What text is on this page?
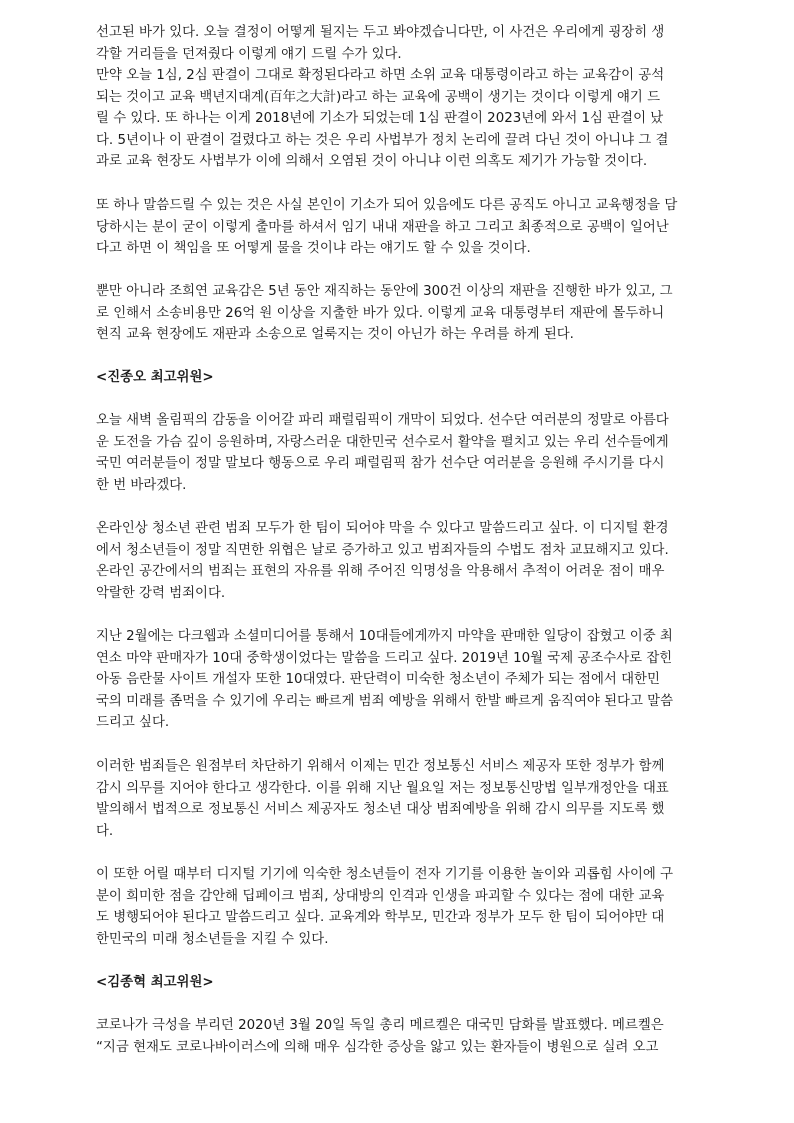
선고된 바가 있다. 오늘 결정이 어떻게 될지는 두고 봐야겠습니다만, 이 사건은 우리에게 굉장히 생

각할 거리들을 던져줬다 이렇게 얘기 드릴 수가 있다.

만약 오늘 1심, 2심 판결이 그대로 확정된다라고 하면 소위 교육 대통령이라고 하는 교육감이 공석

되는 것이고 교육 백년지대계(百年之大計)라고 하는 교육에 공백이 생기는 것이다 이렇게 얘기 드

릴 수 있다. 또 하나는 이게 2018년에 기소가 되었는데 1심 판결이 2023년에 와서 1심 판결이 났

다. 5년이나 이 판결이 걸렸다고 하는 것은 우리 사법부가 정치 논리에 끌려 다닌 것이 아니냐 그 결

과로 교육 현장도 사법부가 이에 의해서 오염된 것이 아니냐 이런 의혹도 제기가 가능할 것이다.

또 하나 말씀드릴 수 있는 것은 사실 본인이 기소가 되어 있음에도 다른 공직도 아니고 교육행정을 담

당하시는 분이 굳이 이렇게 출마를 하셔서 임기 내내 재판을 하고 그리고 최종적으로 공백이 일어난

다고 하면 이 책임을 또 어떻게 물을 것이냐 라는 얘기도 할 수 있을 것이다.

뿐만 아니라 조희연 교육감은 5년 동안 재직하는 동안에 300건 이상의 재판을 진행한 바가 있고, 그

로 인해서 소송비용만 26억 원 이상을 지출한 바가 있다. 이렇게 교육 대통령부터 재판에 몰두하니

현직 교육 현장에도 재판과 소송으로 얼룩지는 것이 아닌가 하는 우려를 하게 된다.

<진종오 최고위원>

오늘 새벽 올림픽의 감동을 이어갈 파리 패럴림픽이 개막이 되었다. 선수단 여러분의 정말로 아름다

운 도전을 가슴 깊이 응원하며, 자랑스러운 대한민국 선수로서 활약을 펼치고 있는 우리 선수들에게

국민 여러분들이 정말 말보다 행동으로 우리 패럴림픽 참가 선수단 여러분을 응원해 주시기를 다시

한 번 바라겠다.

온라인상 청소년 관련 범죄 모두가 한 팀이 되어야 막을 수 있다고 말씀드리고 싶다. 이 디지털 환경

에서 청소년들이 정말 직면한 위협은 날로 증가하고 있고 범죄자들의 수법도 점차 교묘해지고 있다.

온라인 공간에서의 범죄는 표현의 자유를 위해 주어진 익명성을 악용해서 추적이 어려운 점이 매우

악랄한 강력 범죄이다.

지난 2월에는 다크웹과 소셜미디어를 통해서 10대들에게까지 마약을 판매한 일당이 잡혔고 이중 최

연소 마약 판매자가 10대 중학생이었다는 말씀을 드리고 싶다. 2019년 10월 국제 공조수사로 잡힌

아동 음란물 사이트 개설자 또한 10대였다. 판단력이 미숙한 청소년이 주체가 되는 점에서 대한민

국의 미래를 좀먹을 수 있기에 우리는 빠르게 범죄 예방을 위해서 한발 빠르게 움직여야 된다고 말씀

드리고 싶다.

이러한 범죄들은 원점부터 차단하기 위해서 이제는 민간 정보통신 서비스 제공자 또한 정부가 함께

감시 의무를 지어야 한다고 생각한다. 이를 위해 지난 월요일 저는 정보통신망법 일부개정안을 대표

발의해서 법적으로 정보통신 서비스 제공자도 청소년 대상 범죄예방을 위해 감시 의무를 지도록 했

다.

이 또한 어릴 때부터 디지털 기기에 익숙한 청소년들이 전자 기기를 이용한 놀이와 괴롭힘 사이에 구

분이 희미한 점을 감안해 딥페이크 범죄, 상대방의 인격과 인생을 파괴할 수 있다는 점에 대한 교육

도 병행되어야 된다고 말씀드리고 싶다. 교육계와 학부모, 민간과 정부가 모두 한 팀이 되어야만 대

한민국의 미래 청소년들을 지킬 수 있다.

<김종혁 최고위원>

코로나가 극성을 부리던 2020년 3월 20일 독일 총리 메르켈은 대국민 담화를 발표했다. 메르켈은

“지금 현재도 코로나바이러스에 의해 매우 심각한 증상을 앓고 있는 환자들이 병원으로 실려 오고
